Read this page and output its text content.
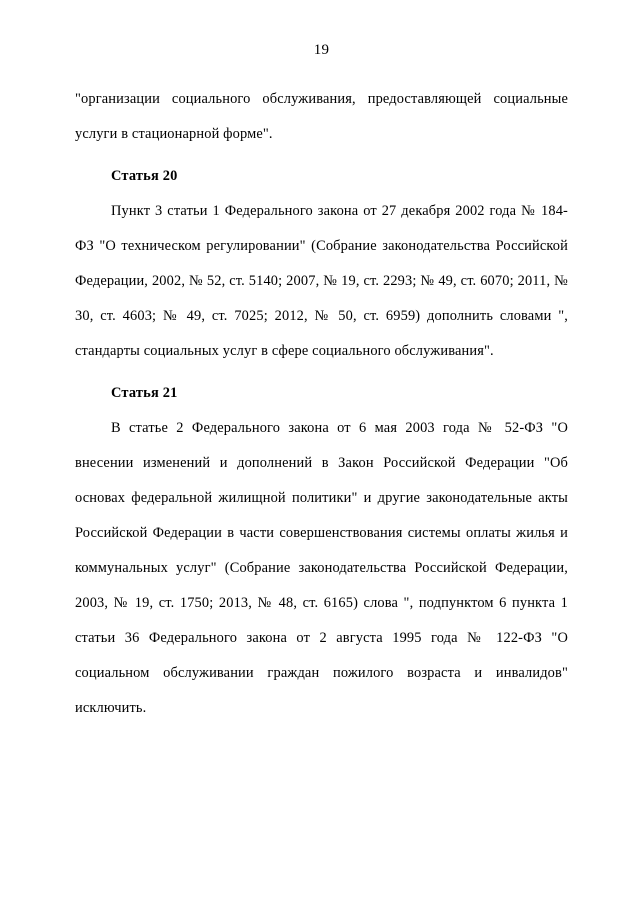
19

"организации социального обслуживания, предоставляющей социальные услуги в стационарной форме".

Статья 20

Пункт 3 статьи 1 Федерального закона от 27 декабря 2002 года № 184-ФЗ "О техническом регулировании" (Собрание законодательства Российской Федерации, 2002, № 52, ст. 5140; 2007, № 19, ст. 2293; № 49, ст. 6070; 2011, № 30, ст. 4603; № 49, ст. 7025; 2012, № 50, ст. 6959) дополнить словами ", стандарты социальных услуг в сфере социального обслуживания".

Статья 21

В статье 2 Федерального закона от 6 мая 2003 года № 52-ФЗ "О внесении изменений и дополнений в Закон Российской Федерации "Об основах федеральной жилищной политики" и другие законодательные акты Российской Федерации в части совершенствования системы оплаты жилья и коммунальных услуг" (Собрание законодательства Российской Федерации, 2003, № 19, ст. 1750; 2013, № 48, ст. 6165) слова ", подпунктом 6 пункта 1 статьи 36 Федерального закона от 2 августа 1995 года № 122-ФЗ "О социальном обслуживании граждан пожилого возраста и инвалидов" исключить.
